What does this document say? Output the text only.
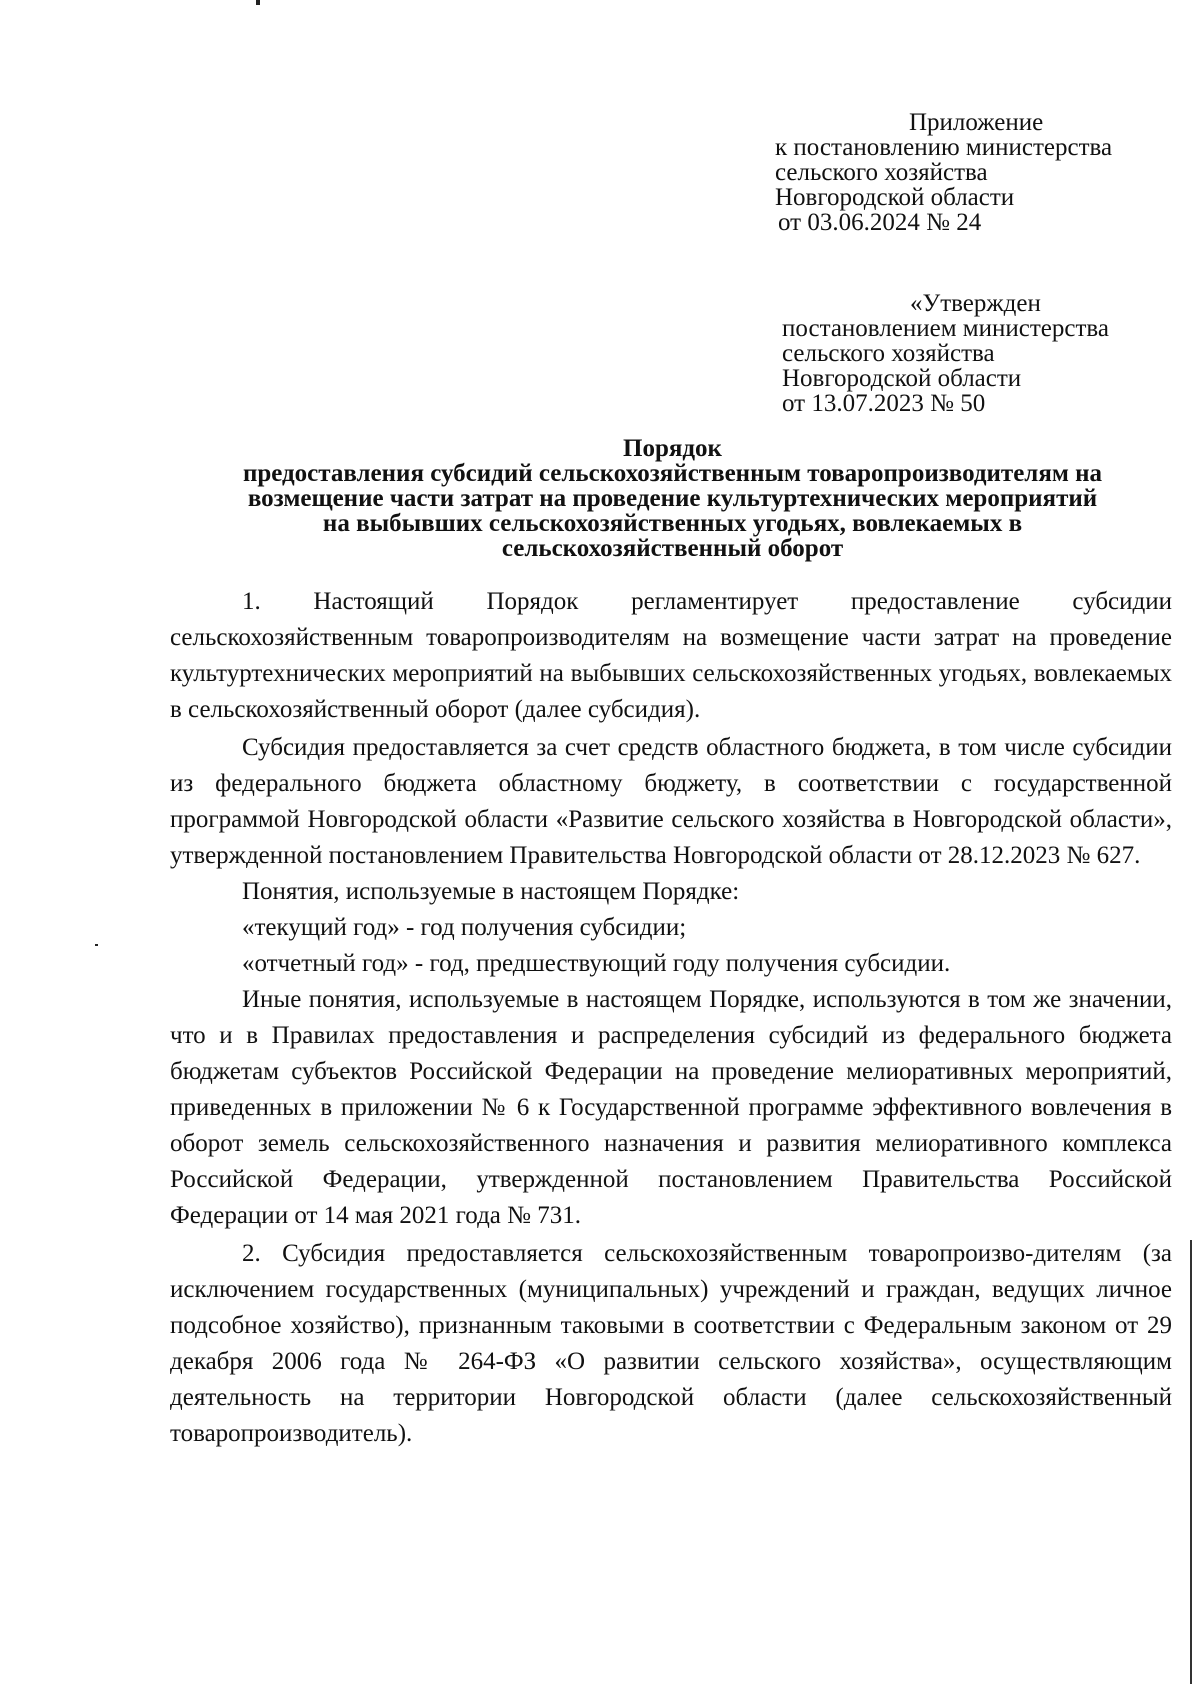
Приложение
к постановлению министерства
сельского хозяйства
Новгородской области
от 03.06.2024 № 24
«Утвержден
постановлением министерства
сельского хозяйства
Новгородской области
от 13.07.2023 № 50
Порядок
предоставления субсидий сельскохозяйственным товаропроизводителям на
возмещение части затрат на проведение культуртехнических мероприятий
на выбывших сельскохозяйственных угодьях, вовлекаемых в
сельскохозяйственный оборот

1. Настоящий Порядок регламентирует предоставление субсидии сельскохозяйственным товаропроизводителям на возмещение части затрат на проведение культуртехнических мероприятий на выбывших сельскохозяйственных угодьях, вовлекаемых в сельскохозяйственный оборот (далее субсидия).

Субсидия предоставляется за счет средств областного бюджета, в том числе субсидии из федерального бюджета областному бюджету, в соответствии с государственной программой Новгородской области «Развитие сельского хозяйства в Новгородской области», утвержденной постановлением Правительства Новгородской области от 28.12.2023 № 627.

Понятия, используемые в настоящем Порядке:

«текущий год» - год получения субсидии;

«отчетный год» - год, предшествующий году получения субсидии.

Иные понятия, используемые в настоящем Порядке, используются в том же значении, что и в Правилах предоставления и распределения субсидий из федерального бюджета бюджетам субъектов Российской Федерации на проведение мелиоративных мероприятий, приведенных в приложении № 6 к Государственной программе эффективного вовлечения в оборот земель сельскохозяйственного назначения и развития мелиоративного комплекса Российской Федерации, утвержденной постановлением Правительства Российской Федерации от 14 мая 2021 года № 731.

2. Субсидия предоставляется сельскохозяйственным товаропроизво-дителям (за исключением государственных (муниципальных) учреждений и граждан, ведущих личное подсобное хозяйство), признанным таковыми в соответствии с Федеральным законом от 29 декабря 2006 года № 264-ФЗ «О развитии сельского хозяйства», осуществляющим деятельность на территории Новгородской области (далее сельскохозяйственный товаропроизводитель).
